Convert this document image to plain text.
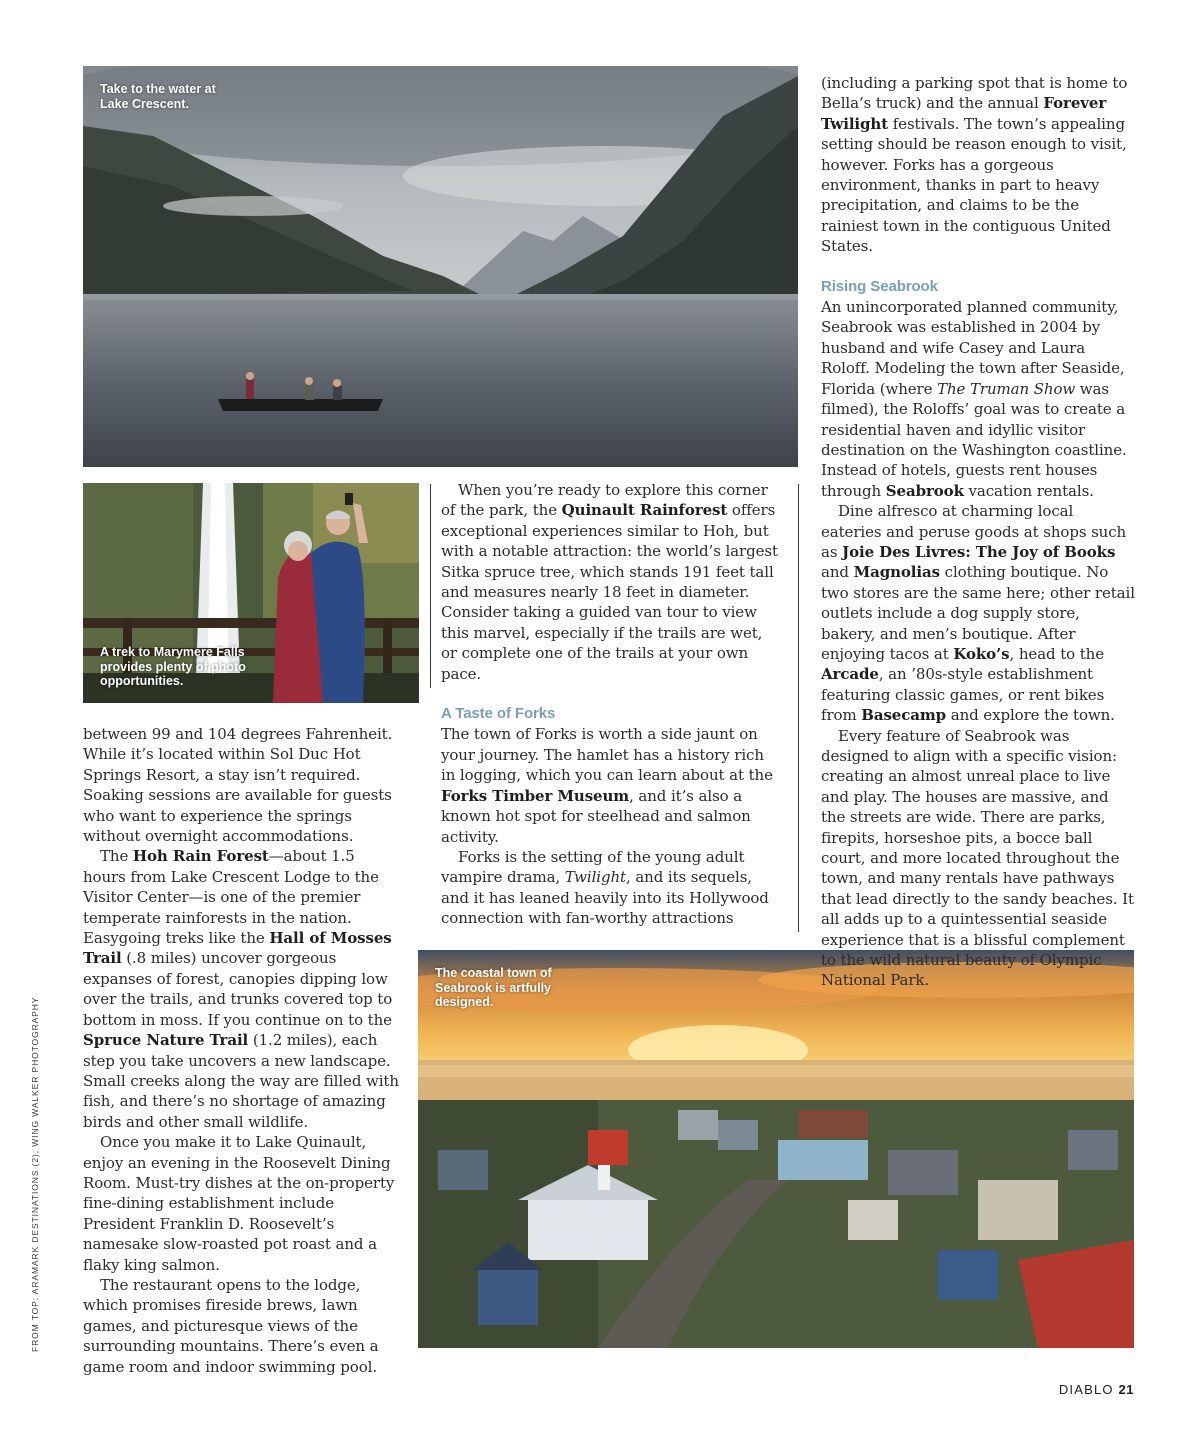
Take to the water at Lake Crescent.
A trek to Marymere Falls provides plenty of photo opportunities.
The coastal town of Seabrook is artfully designed.

between 99 and 104 degrees Fahrenheit. While it’s located within Sol Duc Hot Springs Resort, a stay isn’t required. Soaking sessions are available for guests who want to experience the springs without overnight accommodations.

The Hoh Rain Forest—about 1.5 hours from Lake Crescent Lodge to the Visitor Center—is one of the premier temperate rainforests in the nation. Easygoing treks like the Hall of Mosses Trail (.8 miles) uncover gorgeous expanses of forest, canopies dipping low over the trails, and trunks covered top to bottom in moss. If you continue on to the Spruce Nature Trail (1.2 miles), each step you take uncovers a new landscape. Small creeks along the way are filled with fish, and there’s no shortage of amazing birds and other small wildlife.

Once you make it to Lake Quinault, enjoy an evening in the Roosevelt Dining Room. Must-try dishes at the on-property fine-dining establishment include President Franklin D. Roosevelt’s namesake slow-roasted pot roast and a flaky king salmon.

The restaurant opens to the lodge, which promises fireside brews, lawn games, and picturesque views of the surrounding mountains. There’s even a game room and indoor swimming pool.

When you’re ready to explore this corner of the park, the Quinault Rainforest offers exceptional experiences similar to Hoh, but with a notable attraction: the world’s largest Sitka spruce tree, which stands 191 feet tall and measures nearly 18 feet in diameter. Consider taking a guided van tour to view this marvel, especially if the trails are wet, or complete one of the trails at your own pace.

A Taste of Forks

The town of Forks is worth a side jaunt on your journey. The hamlet has a history rich in logging, which you can learn about at the Forks Timber Museum, and it’s also a known hot spot for steelhead and salmon activity.

Forks is the setting of the young adult vampire drama, Twilight, and its sequels, and it has leaned heavily into its Hollywood connection with fan-worthy attractions

(including a parking spot that is home to Bella’s truck) and the annual Forever Twilight festivals. The town’s appealing setting should be reason enough to visit, however. Forks has a gorgeous environment, thanks in part to heavy precipitation, and claims to be the rainiest town in the contiguous United States.

Rising Seabrook

An unincorporated planned community, Seabrook was established in 2004 by husband and wife Casey and Laura Roloff. Modeling the town after Seaside, Florida (where The Truman Show was filmed), the Roloffs’ goal was to create a residential haven and idyllic visitor destination on the Washington coastline. Instead of hotels, guests rent houses through Seabrook vacation rentals.

Dine alfresco at charming local eateries and peruse goods at shops such as Joie Des Livres: The Joy of Books and Magnolias clothing boutique. No two stores are the same here; other retail outlets include a dog supply store, bakery, and men’s boutique. After enjoying tacos at Koko’s, head to the Arcade, an ’80s-style establishment featuring classic games, or rent bikes from Basecamp and explore the town.

Every feature of Seabrook was designed to align with a specific vision: creating an almost unreal place to live and play. The houses are massive, and the streets are wide. There are parks, firepits, horseshoe pits, a bocce ball court, and more located throughout the town, and many rentals have pathways that lead directly to the sandy beaches. It all adds up to a quintessential seaside experience that is a blissful complement to the wild natural beauty of Olympic National Park.

FROM TOP: ARAMARK DESTINATIONS (2); WING WALKER PHOTOGRAPHY
DIABLO 21
